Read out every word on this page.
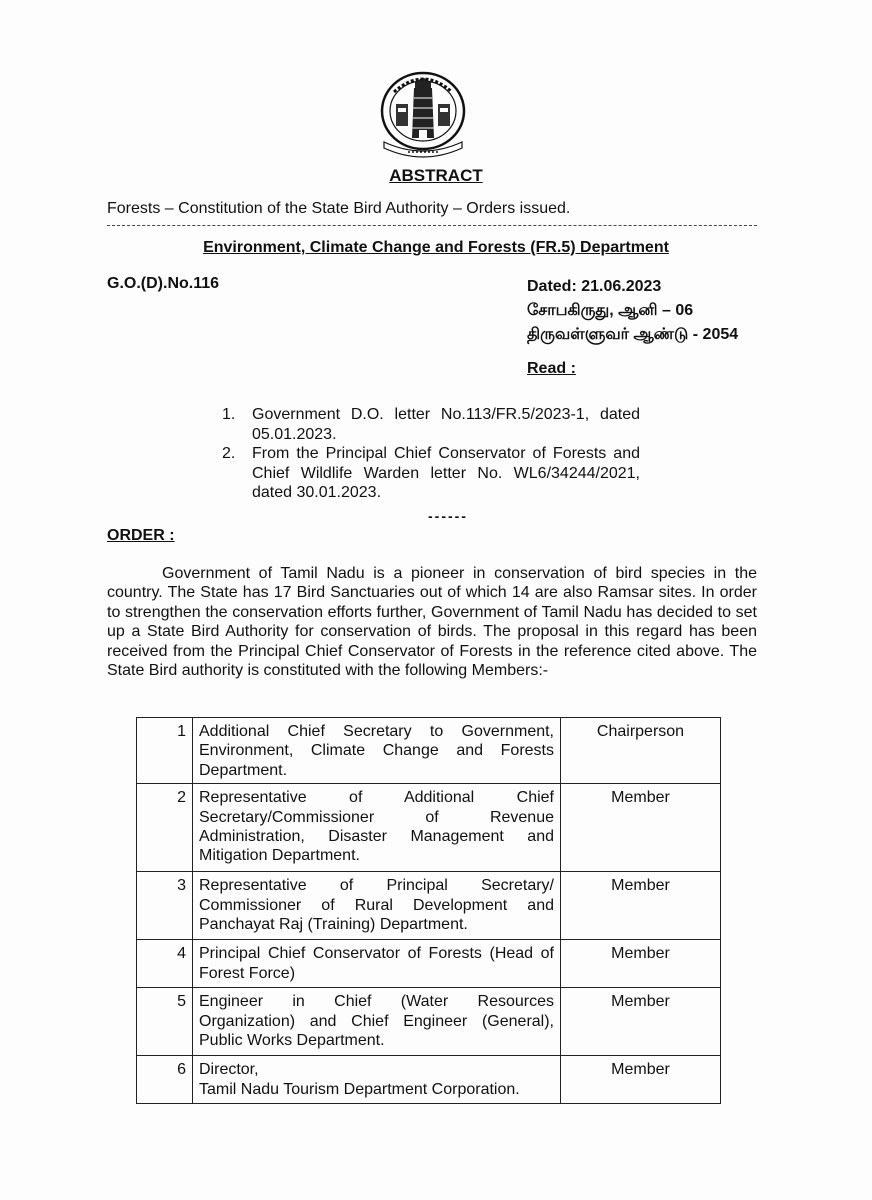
ABSTRACT
Forests – Constitution of the State Bird Authority – Orders issued.
Environment, Climate Change and Forests (FR.5) Department
G.O.(D).No.116	Dated: 21.06.2023
சோபகிருது, ஆனி – 06
திருவள்ளுவர் ஆண்டு - 2054
Read :
1. Government D.O. letter No.113/FR.5/2023-1, dated 05.01.2023.
2. From the Principal Chief Conservator of Forests and Chief Wildlife Warden letter No. WL6/34244/2021, dated 30.01.2023.
------
ORDER :

Government of Tamil Nadu is a pioneer in conservation of bird species in the country. The State has 17 Bird Sanctuaries out of which 14 are also Ramsar sites. In order to strengthen the conservation efforts further, Government of Tamil Nadu has decided to set up a State Bird Authority for conservation of birds. The proposal in this regard has been received from the Principal Chief Conservator of Forests in the reference cited above. The State Bird authority is constituted with the following Members:-

1	Additional Chief Secretary to Government, Environment, Climate Change and Forests Department.	Chairperson
2	Representative of Additional Chief Secretary/Commissioner of Revenue Administration, Disaster Management and Mitigation Department.	Member
3	Representative of Principal Secretary/ Commissioner of Rural Development and Panchayat Raj (Training) Department.	Member
4	Principal Chief Conservator of Forests (Head of Forest Force)	Member
5	Engineer in Chief (Water Resources Organization) and Chief Engineer (General), Public Works Department.	Member
6	Director,
Tamil Nadu Tourism Department Corporation.	Member
